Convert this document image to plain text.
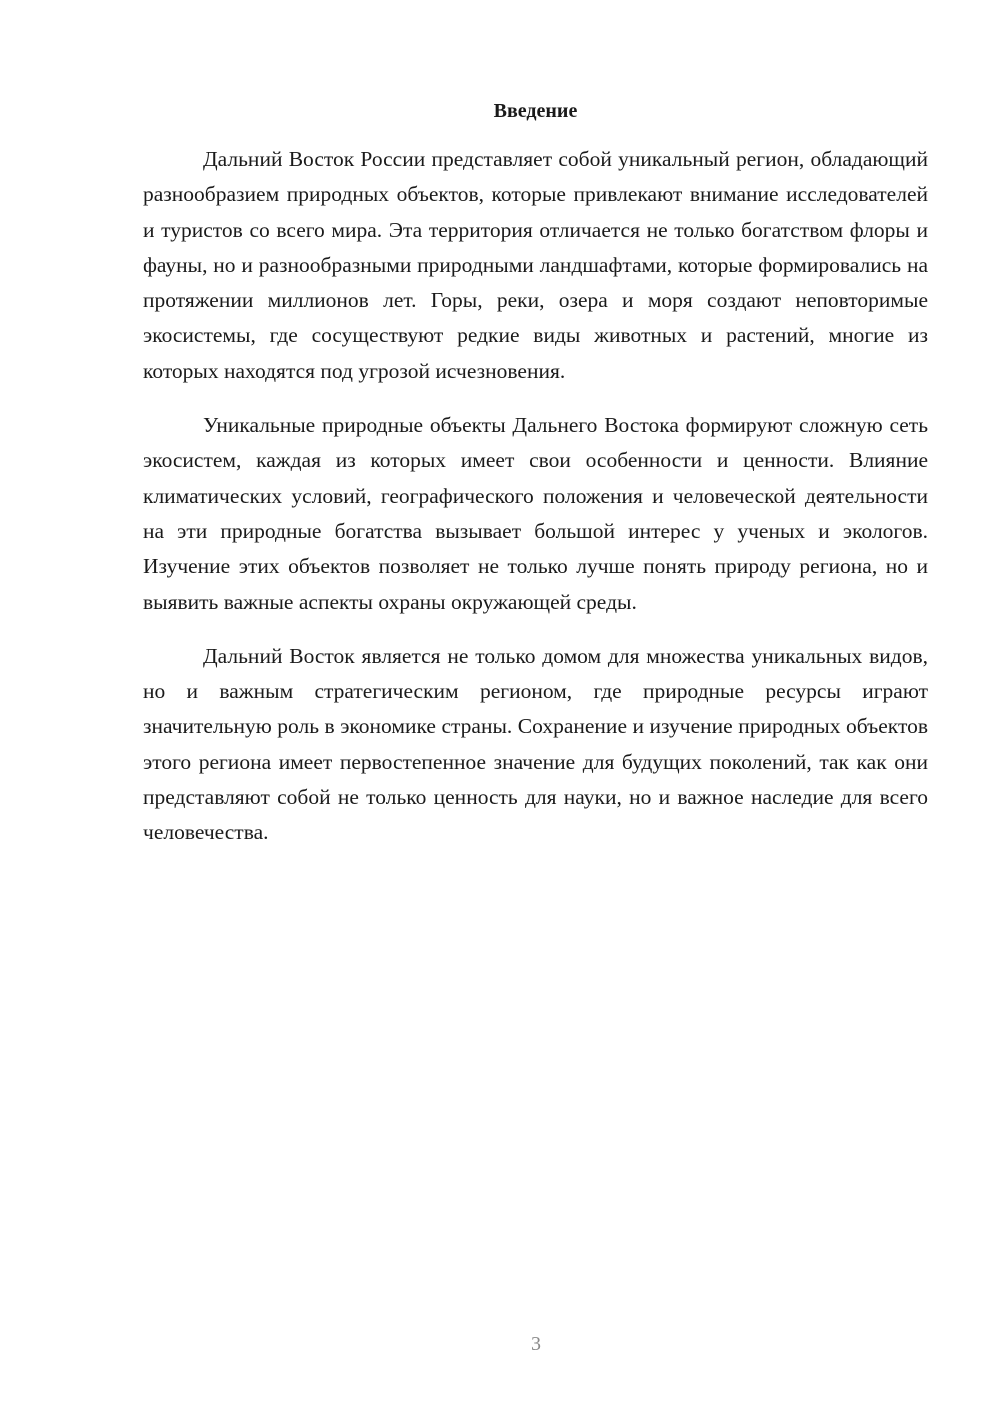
Введение

Дальний Восток России представляет собой уникальный регион, обладающий разнообразием природных объектов, которые привлекают внимание исследователей и туристов со всего мира. Эта территория отличается не только богатством флоры и фауны, но и разнообразными природными ландшафтами, которые формировались на протяжении миллионов лет. Горы, реки, озера и моря создают неповторимые экосистемы, где сосуществуют редкие виды животных и растений, многие из которых находятся под угрозой исчезновения.

Уникальные природные объекты Дальнего Востока формируют сложную сеть экосистем, каждая из которых имеет свои особенности и ценности. Влияние климатических условий, географического положения и человеческой деятельности на эти природные богатства вызывает большой интерес у ученых и экологов. Изучение этих объектов позволяет не только лучше понять природу региона, но и выявить важные аспекты охраны окружающей среды.

Дальний Восток является не только домом для множества уникальных видов, но и важным стратегическим регионом, где природные ресурсы играют значительную роль в экономике страны. Сохранение и изучение природных объектов этого региона имеет первостепенное значение для будущих поколений, так как они представляют собой не только ценность для науки, но и важное наследие для всего человечества.

3
